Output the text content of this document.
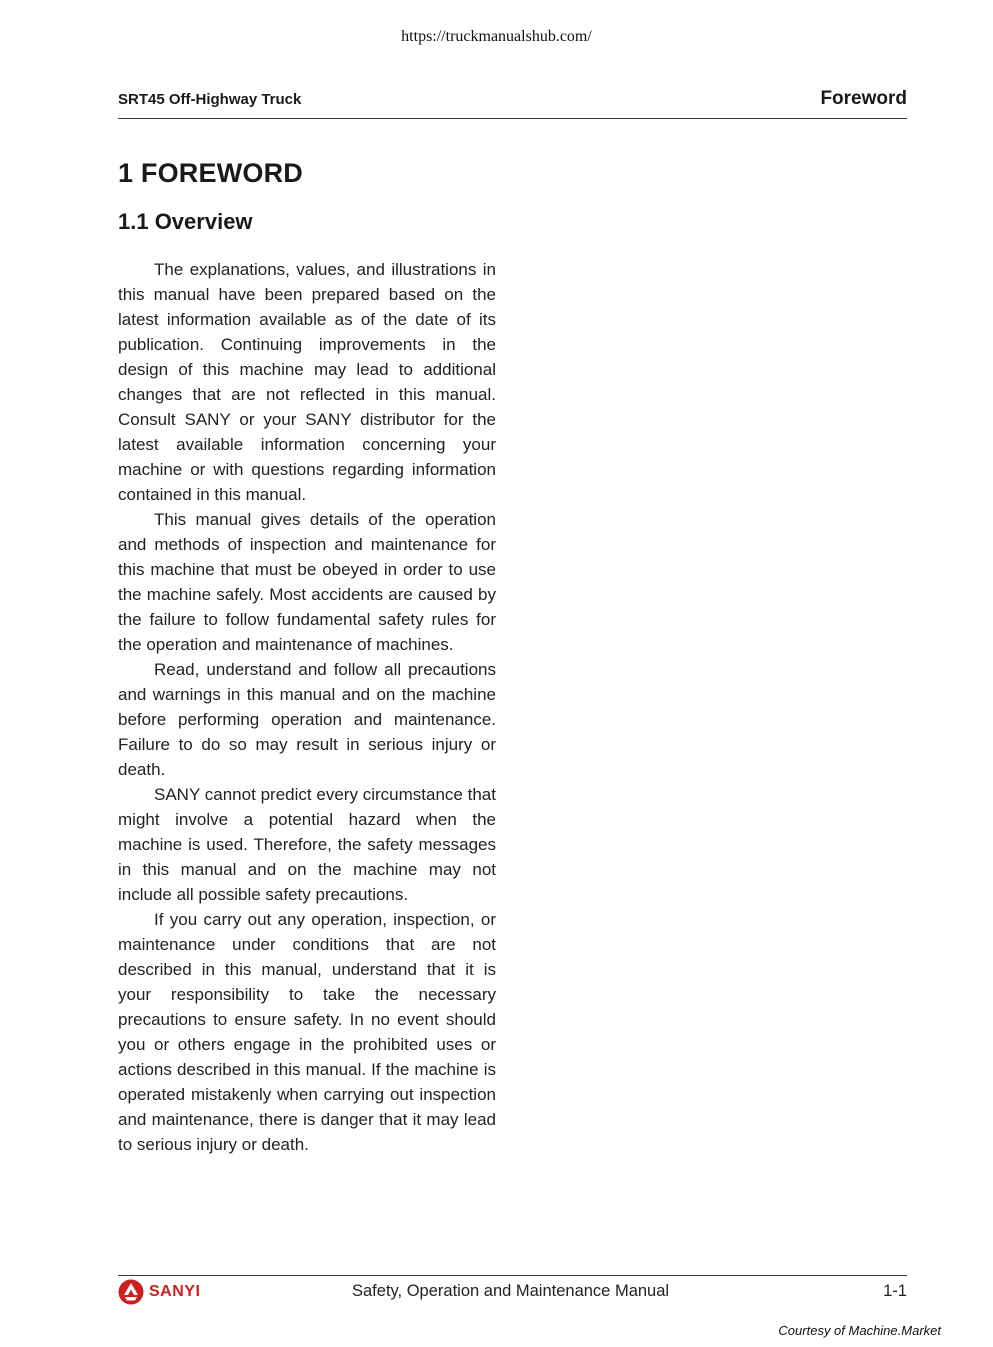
https://truckmanualshub.com/
SRT45 Off-Highway Truck	Foreword
1 FOREWORD
1.1 Overview

The explanations, values, and illustrations in this manual have been prepared based on the latest information available as of the date of its publication. Continuing improvements in the design of this machine may lead to additional changes that are not reflected in this manual. Consult SANY or your SANY distributor for the latest available information concerning your machine or with questions regarding information contained in this manual.

This manual gives details of the operation and methods of inspection and maintenance for this machine that must be obeyed in order to use the machine safely. Most accidents are caused by the failure to follow fundamental safety rules for the operation and maintenance of machines.

Read, understand and follow all precautions and warnings in this manual and on the machine before performing operation and maintenance. Failure to do so may result in serious injury or death.

SANY cannot predict every circumstance that might involve a potential hazard when the machine is used. Therefore, the safety messages in this manual and on the machine may not include all possible safety precautions.

If you carry out any operation, inspection, or maintenance under conditions that are not described in this manual, understand that it is your responsibility to take the necessary precautions to ensure safety. In no event should you or others engage in the prohibited uses or actions described in this manual. If the machine is operated mistakenly when carrying out inspection and maintenance, there is danger that it may lead to serious injury or death.

SANYI	Safety, Operation and Maintenance Manual	1-1
Courtesy of Machine.Market
